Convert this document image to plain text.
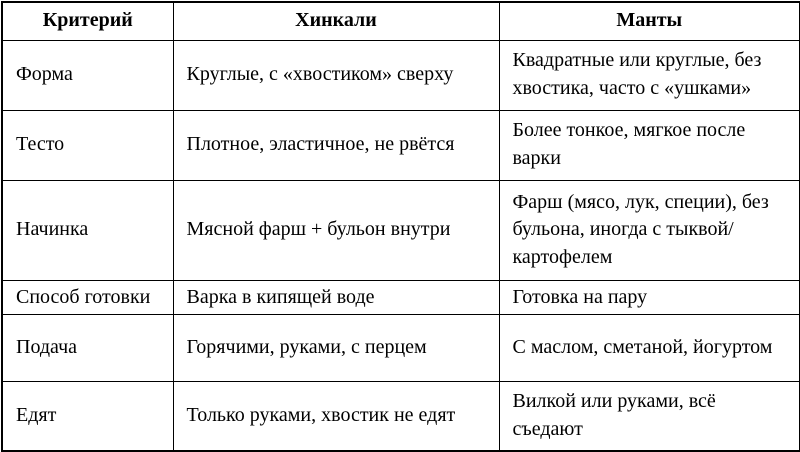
Критерий	Хинкали	Манты
Форма	Круглые, с «хвостиком» сверху	Квадратные или круглые, без хвостика, часто с «ушками»
Тесто	Плотное, эластичное, не рвётся	Более тонкое, мягкое после варки
Начинка	Мясной фарш + бульон внутри	Фарш (мясо, лук, специи), без бульона, иногда с тыквой/картофелем
Способ готовки	Варка в кипящей воде	Готовка на пару
Подача	Горячими, руками, с перцем	С маслом, сметаной, йогуртом
Едят	Только руками, хвостик не едят	Вилкой или руками, всё съедают
